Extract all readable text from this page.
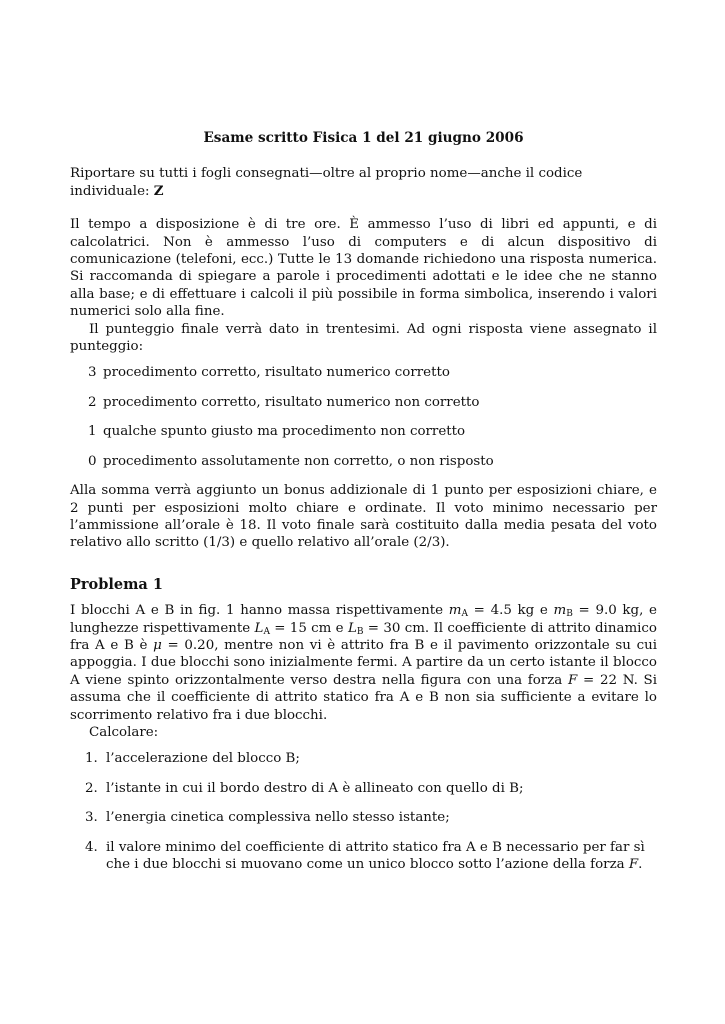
Esame scritto Fisica 1 del 21 giugno 2006
Riportare su tutti i fogli consegnati—oltre al proprio nome—anche il codice individuale: Z

Il tempo a disposizione è di tre ore. È ammesso l’uso di libri ed appunti, e di calcolatrici. Non è ammesso l’uso di computers e di alcun dispositivo di comunicazione (telefoni, ecc.) Tutte le 13 domande richiedono una risposta numerica. Si raccomanda di spiegare a parole i procedimenti adottati e le idee che ne stanno alla base; e di effettuare i calcoli il più possibile in forma simbolica, inserendo i valori numerici solo alla fine.

Il punteggio finale verrà dato in trentesimi. Ad ogni risposta viene assegnato il punteggio:

3 procedimento corretto, risultato numerico corretto
2 procedimento corretto, risultato numerico non corretto
1 qualche spunto giusto ma procedimento non corretto
0 procedimento assolutamente non corretto, o non risposto

Alla somma verrà aggiunto un bonus addizionale di 1 punto per esposizioni chiare, e 2 punti per esposizioni molto chiare e ordinate. Il voto minimo necessario per l’ammissione all’orale è 18. Il voto finale sarà costituito dalla media pesata del voto relativo allo scritto (1/3) e quello relativo all’orale (2/3).

Problema 1

I blocchi A e B in fig. 1 hanno massa rispettivamente $m_A = 4.5$ kg e $m_B = 9.0$ kg, e lunghezze rispettivamente $L_A = 15$ cm e $L_B = 30$ cm. Il coefficiente di attrito dinamico fra A e B è μ = 0.20, mentre non vi è attrito fra B e il pavimento orizzontale su cui appoggia. I due blocchi sono inizialmente fermi. A partire da un certo istante il blocco A viene spinto orizzontalmente verso destra nella figura con una forza F = 22 N. Si assuma che il coefficiente di attrito statico fra A e B non sia sufficiente a evitare lo scorrimento relativo fra i due blocchi.

Calcolare:

1. l’accelerazione del blocco B;
2. l’istante in cui il bordo destro di A è allineato con quello di B;
3. l’energia cinetica complessiva nello stesso istante;
4. il valore minimo del coefficiente di attrito statico fra A e B necessario per far sì che i due blocchi si muovano come un unico blocco sotto l’azione della forza F.
